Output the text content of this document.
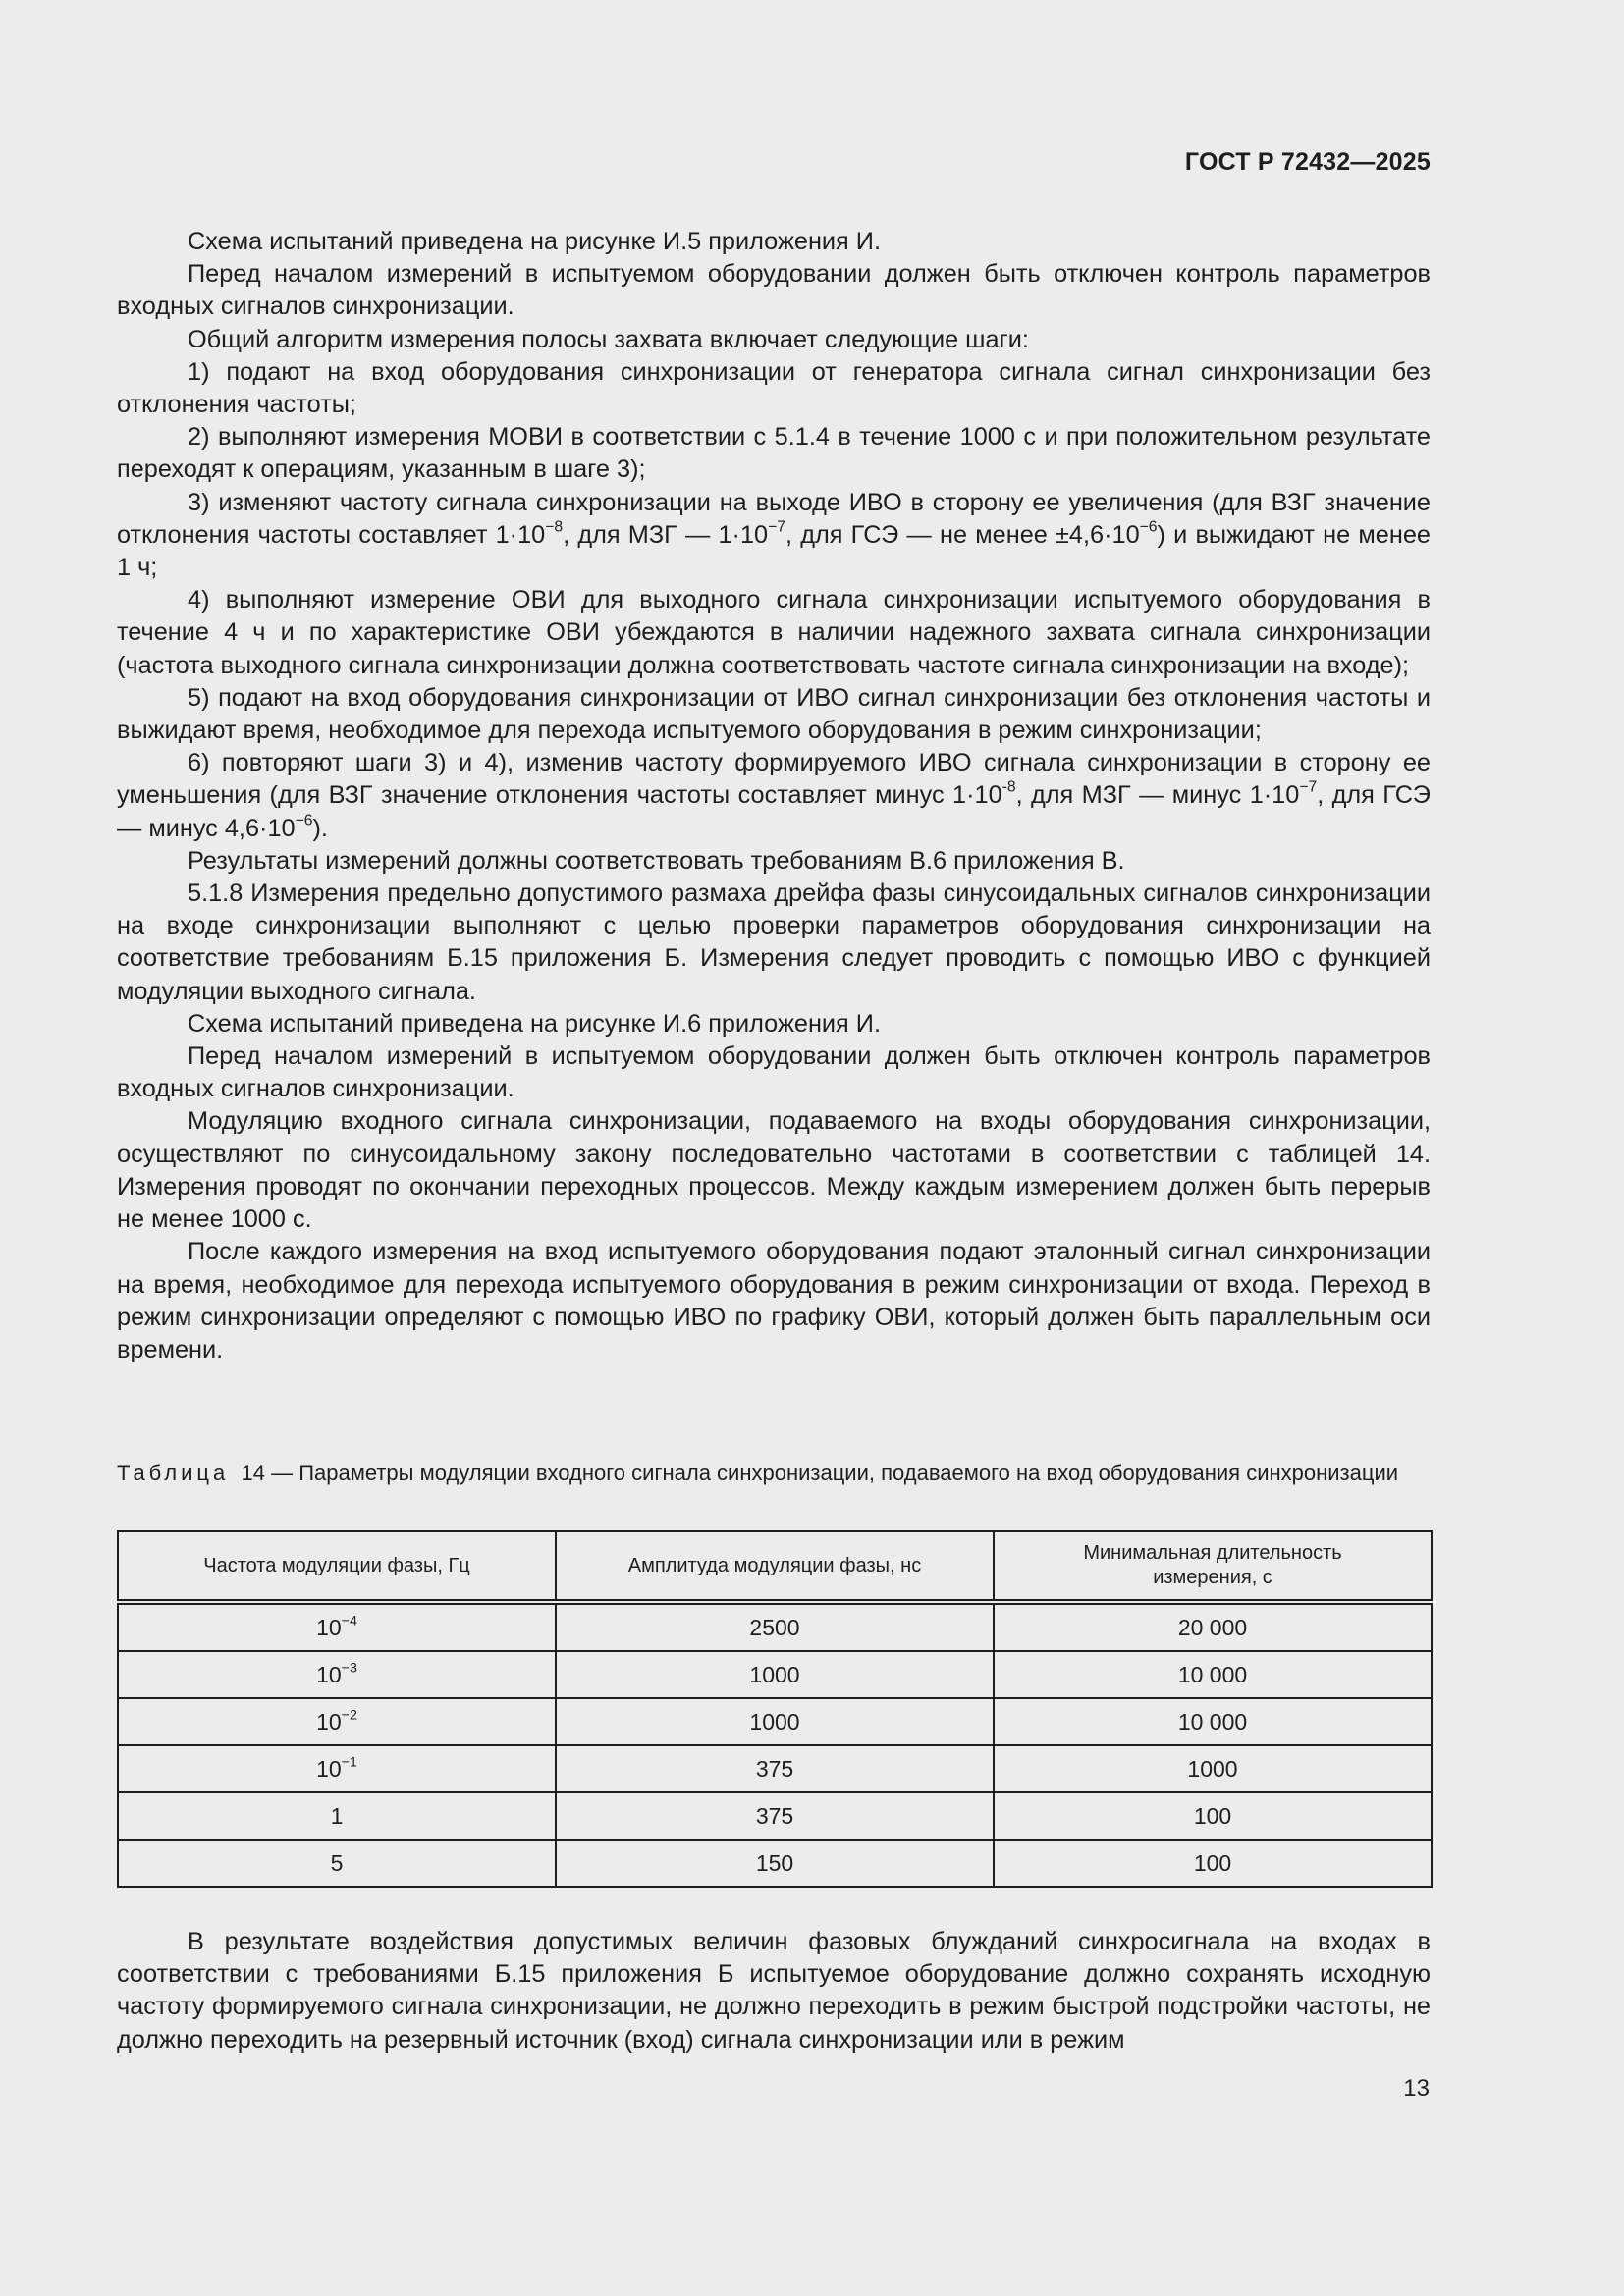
ГОСТ Р 72432—2025

Схема испытаний приведена на рисунке И.5 приложения И.

Перед началом измерений в испытуемом оборудовании должен быть отключен контроль параметров входных сигналов синхронизации.

Общий алгоритм измерения полосы захвата включает следующие шаги:

1) подают на вход оборудования синхронизации от генератора сигнала сигнал синхронизации без отклонения частоты;

2) выполняют измерения МОВИ в соответствии с 5.1.4 в течение 1000 с и при положительном результате переходят к операциям, указанным в шаге 3);

3) изменяют частоту сигнала синхронизации на выходе ИВО в сторону ее увеличения (для ВЗГ значение отклонения частоты составляет $1\cdot 10^{-8}$, для МЗГ — $1\cdot 10^{-7}$, для ГСЭ — не менее $\pm 4,6\cdot 10^{-6}$) и выжидают не менее 1 ч;

4) выполняют измерение ОВИ для выходного сигнала синхронизации испытуемого оборудования в течение 4 ч и по характеристике ОВИ убеждаются в наличии надежного захвата сигнала синхронизации (частота выходного сигнала синхронизации должна соответствовать частоте сигнала синхронизации на входе);

5) подают на вход оборудования синхронизации от ИВО сигнал синхронизации без отклонения частоты и выжидают время, необходимое для перехода испытуемого оборудования в режим синхронизации;

6) повторяют шаги 3) и 4), изменив частоту формируемого ИВО сигнала синхронизации в сторону ее уменьшения (для ВЗГ значение отклонения частоты составляет минус $1\cdot 10^{-8}$, для МЗГ — минус $1\cdot 10^{-7}$, для ГСЭ — минус $4,6\cdot 10^{-6}$).

Результаты измерений должны соответствовать требованиям В.6 приложения В.

5.1.8 Измерения предельно допустимого размаха дрейфа фазы синусоидальных сигналов синхронизации на входе синхронизации выполняют с целью проверки параметров оборудования синхронизации на соответствие требованиям Б.15 приложения Б. Измерения следует проводить с помощью ИВО с функцией модуляции выходного сигнала.

Схема испытаний приведена на рисунке И.6 приложения И.

Перед началом измерений в испытуемом оборудовании должен быть отключен контроль параметров входных сигналов синхронизации.

Модуляцию входного сигнала синхронизации, подаваемого на входы оборудования синхронизации, осуществляют по синусоидальному закону последовательно частотами в соответствии с таблицей 14. Измерения проводят по окончании переходных процессов. Между каждым измерением должен быть перерыв не менее 1000 с.

После каждого измерения на вход испытуемого оборудования подают эталонный сигнал синхронизации на время, необходимое для перехода испытуемого оборудования в режим синхронизации от входа. Переход в режим синхронизации определяют с помощью ИВО по графику ОВИ, который должен быть параллельным оси времени.

Таблица 14 — Параметры модуляции входного сигнала синхронизации, подаваемого на вход оборудования синхронизации
Частота модуляции фазы, Гц	Амплитуда модуляции фазы, нс	Минимальная длительность измерения, с
$10^{-4}$	2500	20 000
$10^{-3}$	1000	10 000
$10^{-2}$	1000	10 000
$10^{-1}$	375	1000
1	375	100
5	150	100

В результате воздействия допустимых величин фазовых блужданий синхросигнала на входах в соответствии с требованиями Б.15 приложения Б испытуемое оборудование должно сохранять исходную частоту формируемого сигнала синхронизации, не должно переходить в режим быстрой подстройки частоты, не должно переходить на резервный источник (вход) сигнала синхронизации или в режим

13
